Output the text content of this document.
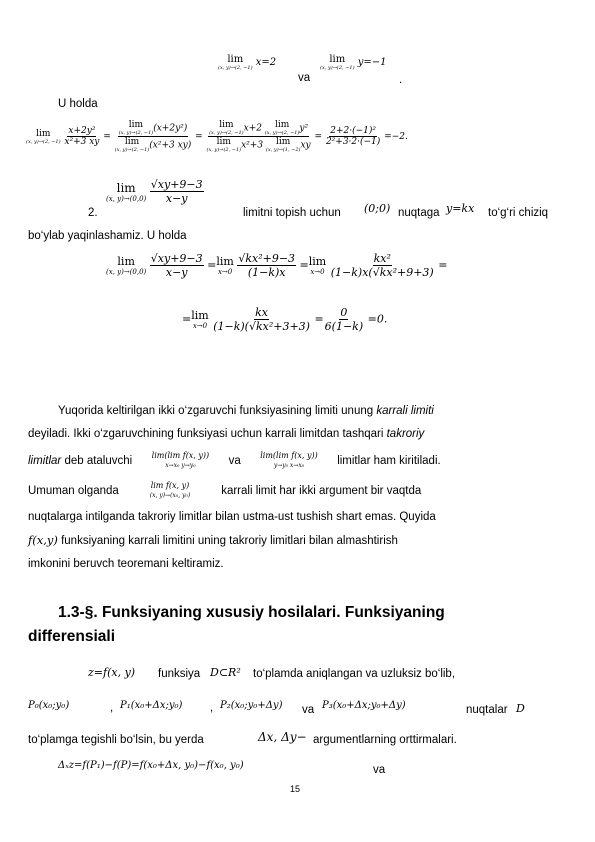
lim
(x, y)→(2, −1) x=2
va
lim
(x, y)→(2, −1) y=−1
.
U holda
lim
(x, y)→(2, −1)
$\frac{\text{x+2y²}}{\text{x²+3 xy}} = \lim$
(x, y)→(2, −1) (x+2y²)
lim
(x, y)→(2, −1) (x²+3 xy) = lim
(x, y)→(2, −1) x+2 lim
(x, y)→(2, −1) y²
lim
(x, y)→(2, −1) x²+3 lim
(x, y)→(1, −2) xy = $\frac{\text{2+2·(−1)²}}{\text{2²+3·2·(−1)}} =-2$.
2.
lim
(x, y)→(0,0)
$\frac{√xy+9-3}{x-y}$
limitni topish uchun (0;0) nuqtaga y=kx to‘g‘ri chiziq
bo‘ylab yaqinlashamiz. U holda
lim
(x, y)→(0,0)
$\frac{√xy+9-3}{x-y} = \lim$
x→0
$\frac{\text{√kx²+9−3}}{(1-k)x} = \lim$
x→0
$\frac{\text{kx²}}{\text{(1−k)x(√kx²+9+3)}}$ =
= lim
x→0
$\frac{kx}{\text{(1−k)(√kx²+3+3)}} = \frac{0}{6(1-k)} =0$.
Yuqorida keltirilgan ikki o‘zgaruvchi funksiyasining limiti unung karrali limiti
deyiladi. Ikki o‘zgaruvchining funksiyasi uchun karrali limitdan tashqari takroriy
limitlar deb ataluvchi lim(lim f(x, y))
x→x₀ y→y₀	va lim(lim f(x, y))
y→y₀ x→x₀	limitlar ham kiritiladi.
Umuman olganda	lim f(x, y)
(x, y)→(x₀, y₀)	karrali limit har ikki argument bir vaqtda
nuqtalarga intilganda takroriy limitlar bilan ustma-ust tushish shart emas. Quyida
f(x,y) funksiyaning karrali limitini uning takroriy limitlari bilan almashtirish
imkonini beruvch teoremani keltiramiz.
1.3-§. Funksiyaning xususiy hosilalari. Funksiyaning
differensiali
z=f(x, y) funksiya D⊂R² to‘plamda aniqlangan va uzluksiz bo‘lib,
P₀(x₀;y₀)	, P₁(x₀+Δx;y₀) , P₂(x₀;y₀+Δy) va P₃(x₀+Δx;y₀+Δy)	nuqtalar D
to‘plamga tegishli bo‘lsin, bu yerda	Δx, Δy− argumentlarning orttirmalari.
Δₓz=f(P₁)−f(P)=f(x₀+Δx, y₀)−f(x₀, y₀)	va
15
